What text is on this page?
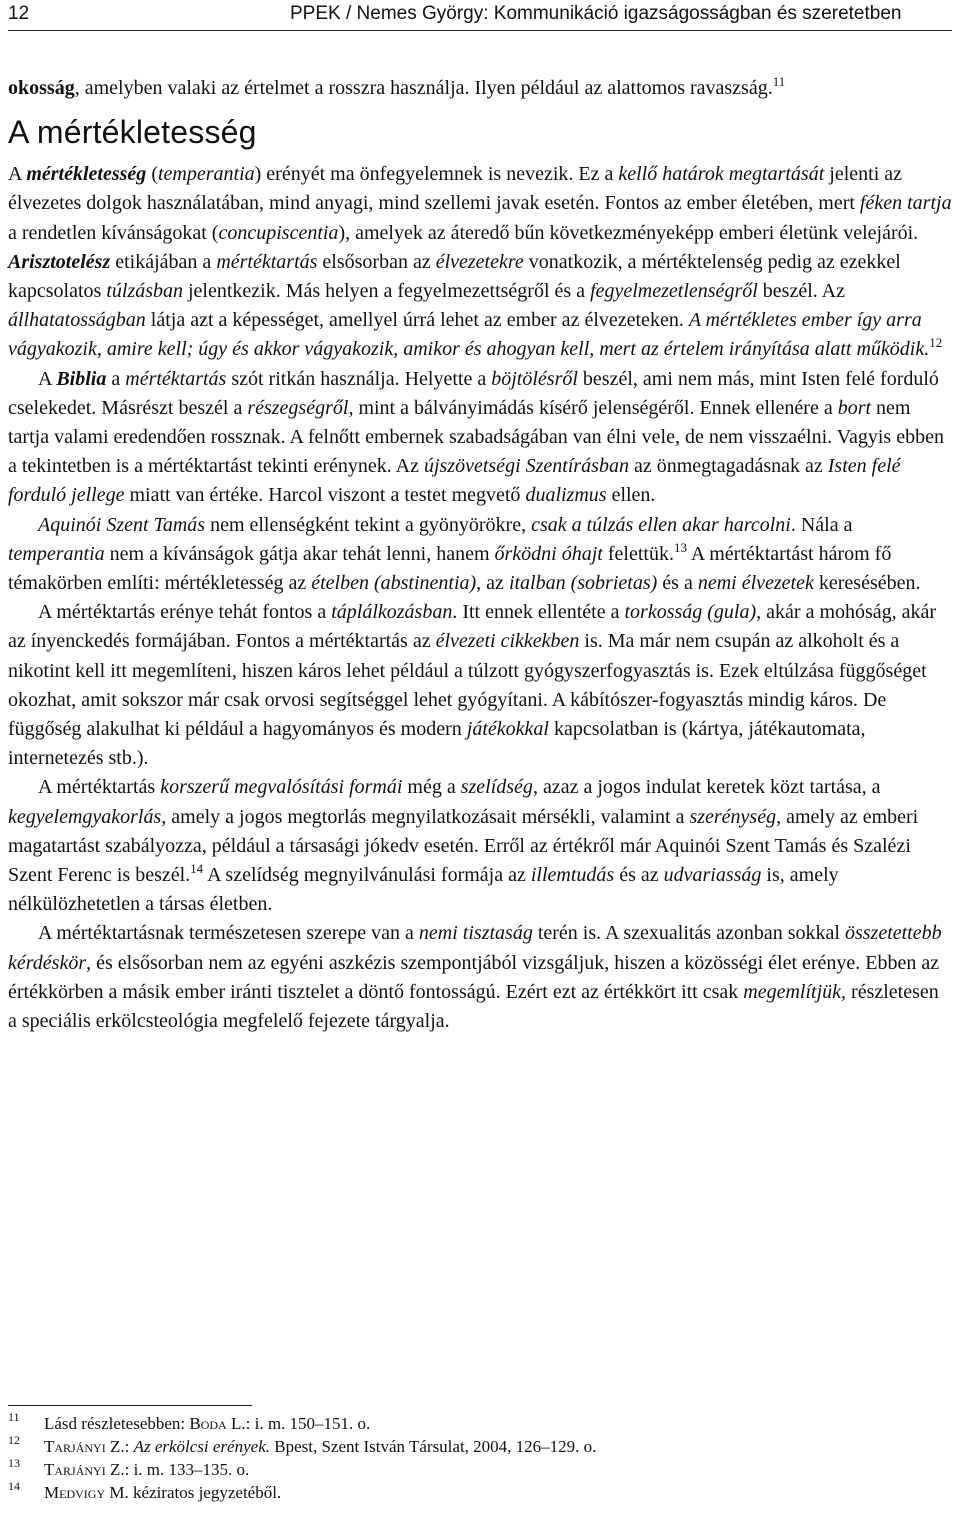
12	PPEK / Nemes György: Kommunikáció igazságosságban és szeretetben

okosság, amelyben valaki az értelmet a rosszra használja. Ilyen például az alattomos ravaszság.$^{11}$

A mértékletesség

A mértékletesség (temperantia) erényét ma önfegyelemnek is nevezik. Ez a kellő határok megtartását jelenti az élvezetes dolgok használatában, mind anyagi, mind szellemi javak esetén. Fontos az ember életében, mert féken tartja a rendetlen kívánságokat (concupiscentia), amelyek az áteredő bűn következményeképp emberi életünk velejárói. Arisztotelész etikájában a mértéktartás elsősorban az élvezetekre vonatkozik, a mértéktelenség pedig az ezekkel kapcsolatos túlzásban jelentkezik. Más helyen a fegyelmezettségről és a fegyelmezetlenségről beszél. Az állhatatosságban látja azt a képességet, amellyel úrrá lehet az ember az élvezeteken. A mértékletes ember így arra vágyakozik, amire kell; úgy és akkor vágyakozik, amikor és ahogyan kell, mert az értelem irányítása alatt működik.$^{12}$

A Biblia a mértéktartás szót ritkán használja. Helyette a böjtölésről beszél, ami nem más, mint Isten felé forduló cselekedet. Másrészt beszél a részegségről, mint a bálványimádás kísérő jelenségéről. Ennek ellenére a bort nem tartja valami eredendően rossznak. A felnőtt embernek szabadságában van élni vele, de nem visszaélni. Vagyis ebben a tekintetben is a mértéktartást tekinti erénynek. Az újszövetségi Szentírásban az önmegtagadásnak az Isten felé forduló jellege miatt van értéke. Harcol viszont a testet megvető dualizmus ellen.

Aquinói Szent Tamás nem ellenségként tekint a gyönyörökre, csak a túlzás ellen akar harcolni. Nála a temperantia nem a kívánságok gátja akar tehát lenni, hanem őrködni óhajt felettük.$^{13}$ A mértéktartást három fő témakörben említi: mértékletesség az ételben (abstinentia), az italban (sobrietas) és a nemi élvezetek keresésében.

A mértéktartás erénye tehát fontos a táplálkozásban. Itt ennek ellentéte a torkosság (gula), akár a mohóság, akár az ínyenckedés formájában. Fontos a mértéktartás az élvezeti cikkekben is. Ma már nem csupán az alkoholt és a nikotint kell itt megemlíteni, hiszen káros lehet például a túlzott gyógyszerfogyasztás is. Ezek eltúlzása függőséget okozhat, amit sokszor már csak orvosi segítséggel lehet gyógyítani. A kábítószer-fogyasztás mindig káros. De függőség alakulhat ki például a hagyományos és modern játékokkal kapcsolatban is (kártya, játékautomata, internetezés stb.).

A mértéktartás korszerű megvalósítási formái még a szelídség, azaz a jogos indulat keretek közt tartása, a kegyelemgyakorlás, amely a jogos megtorlás megnyilatkozásait mérsékli, valamint a szerénység, amely az emberi magatartást szabályozza, például a társasági jókedv esetén. Erről az értékről már Aquinói Szent Tamás és Szalézi Szent Ferenc is beszél.$^{14}$ A szelídség megnyilvánulási formája az illemtudás és az udvariasság is, amely nélkülözhetetlen a társas életben.

A mértéktartásnak természetesen szerepe van a nemi tisztaság terén is. A szexualitás azonban sokkal összetettebb kérdéskör, és elsősorban nem az egyéni aszkézis szempontjából vizsgáljuk, hiszen a közösségi élet erénye. Ebben az értékkörben a másik ember iránti tisztelet a döntő fontosságú. Ezért ezt az értékkört itt csak megemlítjük, részletesen a speciális erkölcsteológia megfelelő fejezete tárgyalja.

11 Lásd részletesebben: Boda L.: i. m. 150–151. o.
12 Tarjányi Z.: Az erkölcsi erények. Bpest, Szent István Társulat, 2004, 126–129. o.
13 Tarjányi Z.: i. m. 133–135. o.
14 Medvigy M. kéziratos jegyzetéből.
